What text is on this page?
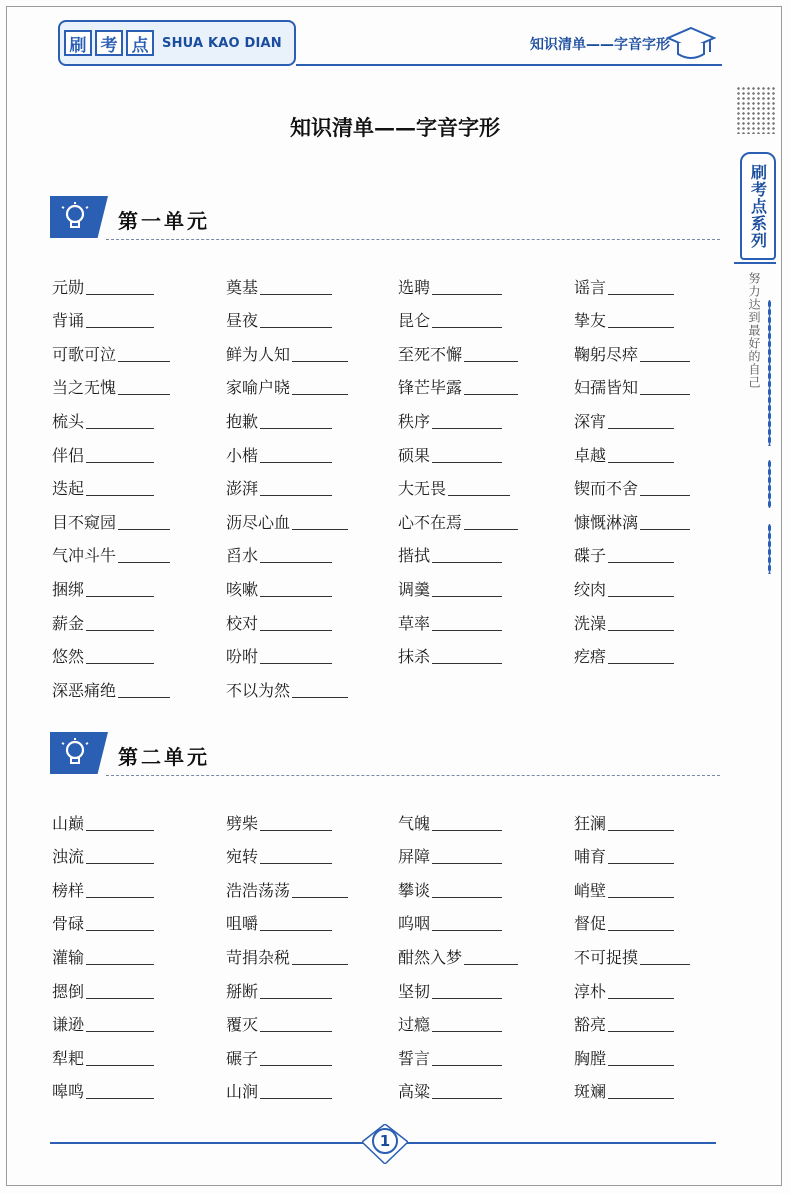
刷 考 点	SHUA KAO DIAN	知识清单——字音字形
刷考点系列
努力达到最好的自己
知识清单——字音字形
第一单元
元勋	奠基	选聘	谣言
背诵	昼夜	昆仑	挚友
可歌可泣	鲜为人知	至死不懈	鞠躬尽瘁
当之无愧	家喻户晓	锋芒毕露	妇孺皆知
梳头	抱歉	秩序	深宵
伴侣	小楷	硕果	卓越
迭起	澎湃	大无畏	锲而不舍
目不窥园	沥尽心血	心不在焉	慷慨淋漓
气冲斗牛	舀水	揩拭	碟子
捆绑	咳嗽	调羹	绞肉
薪金	校对	草率	洗澡
悠然	吩咐	抹杀	疙瘩
深恶痛绝	不以为然
第二单元
山巅	劈柴	气魄	狂澜
浊流	宛转	屏障	哺育
榜样	浩浩荡荡	攀谈	峭壁
骨碌	咀嚼	呜咽	督促
灌输	苛捐杂税	酣然入梦	不可捉摸
摁倒	掰断	坚韧	淳朴
谦逊	覆灭	过瘾	豁亮
犁耙	碾子	誓言	胸膛
嗥鸣	山涧	高粱	斑斓
1
